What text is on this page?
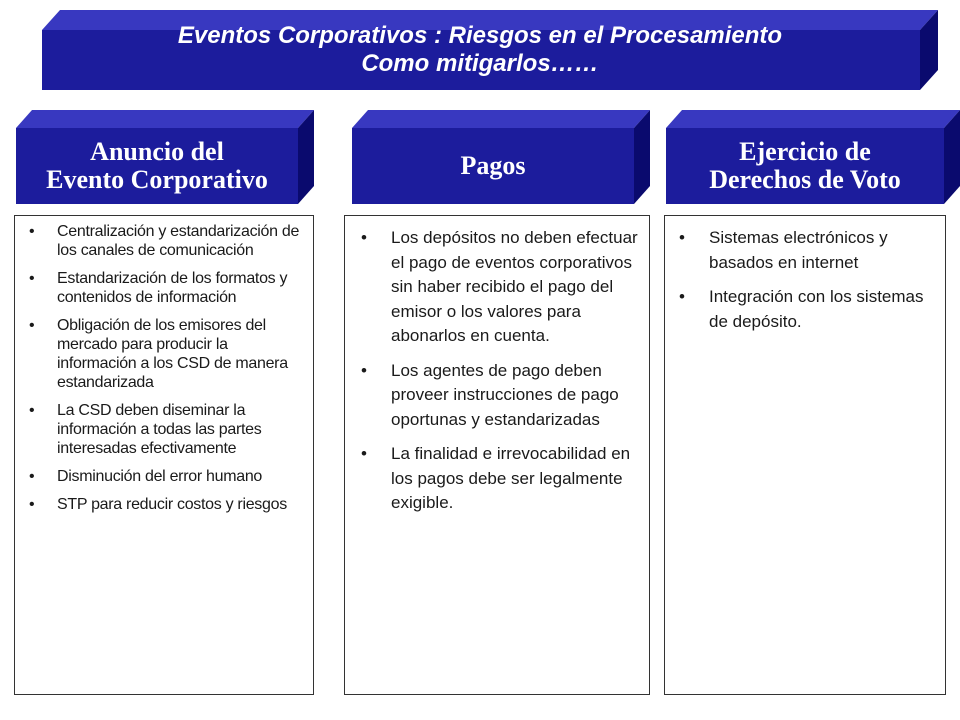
Eventos Corporativos : Riesgos en el Procesamiento
Como mitigarlos……
Anuncio del
Evento Corporativo	Pagos	Ejercicio de
Derechos de Voto
• Centralización y estandarización de los canales de comunicación
• Estandarización de los formatos y contenidos de información
• Obligación de los emisores del mercado para producir la información a los CSD de manera estandarizada
• La CSD deben diseminar la información a todas las partes interesadas efectivamente
• Disminución del error humano
• STP para reducir costos y riesgos
• Los depósitos no deben efectuar el pago de eventos corporativos sin haber recibido el pago del emisor o los valores para abonarlos en cuenta.
• Los agentes de pago deben proveer instrucciones de pago oportunas y estandarizadas
• La finalidad e irrevocabilidad en los pagos debe ser legalmente exigible.
• Sistemas electrónicos y basados en internet
• Integración con los sistemas de depósito.
